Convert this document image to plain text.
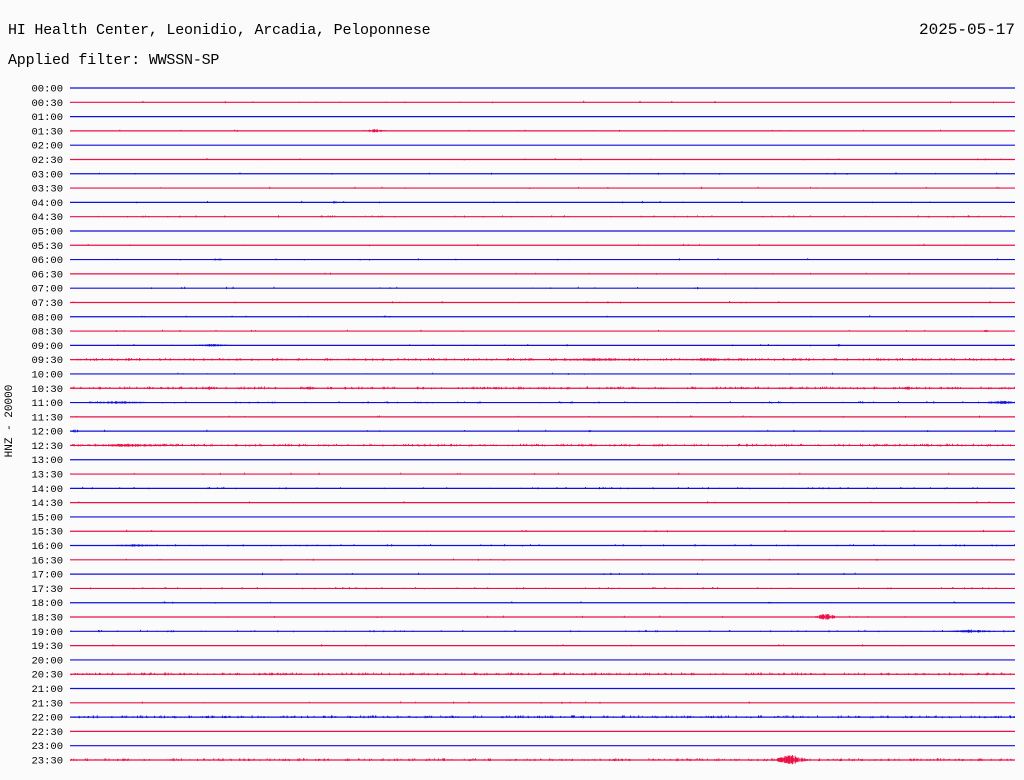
HI Health Center, Leonidio, Arcadia, Peloponnese	2025-05-17
Applied filter: WWSSN-SP
HNZ - 20000
00:00
00:30
01:00
01:30
02:00
02:30
03:00
03:30
04:00
04:30
05:00
05:30
06:00
06:30
07:00
07:30
08:00
08:30
09:00
09:30
10:00
10:30
11:00
11:30
12:00
12:30
13:00
13:30
14:00
14:30
15:00
15:30
16:00
16:30
17:00
17:30
18:00
18:30
19:00
19:30
20:00
20:30
21:00
21:30
22:00
22:30
23:00
23:30
